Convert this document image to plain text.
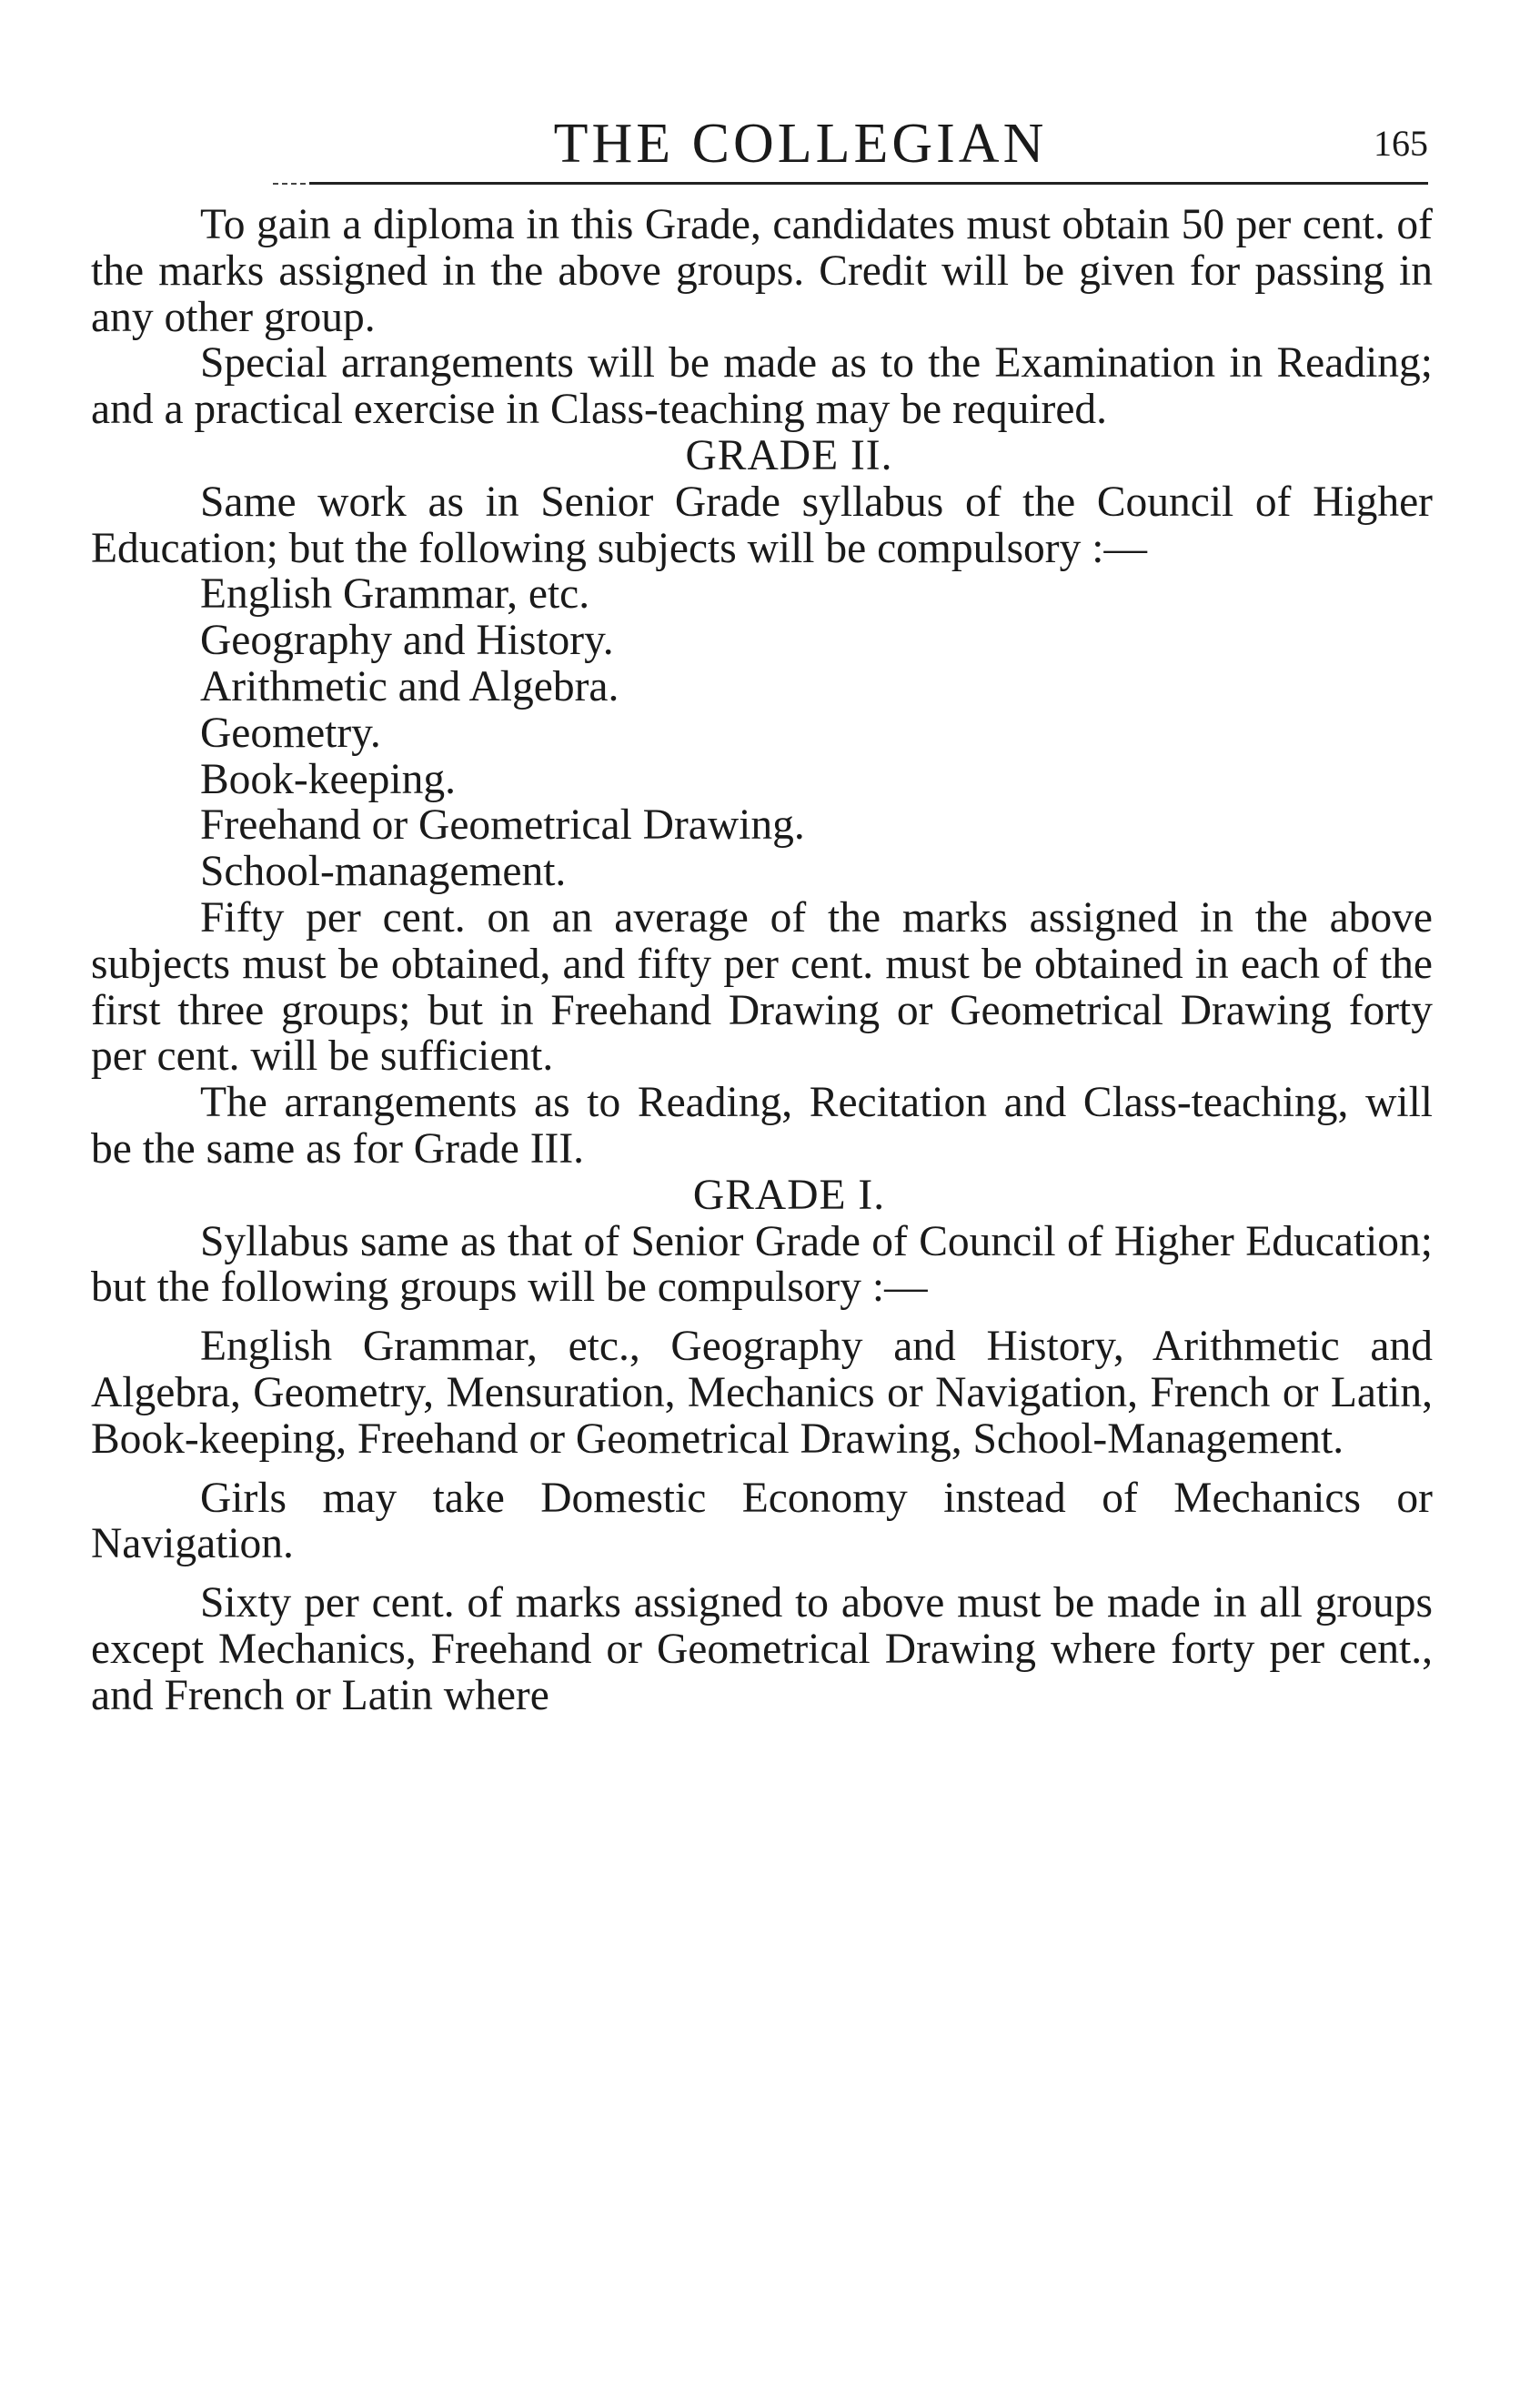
THE COLLEGIAN	165

To gain a diploma in this Grade, candidates must obtain 50 per cent. of the marks assigned in the above groups. Credit will be given for passing in any other group.

Special arrangements will be made as to the Examination in Reading; and a practical exercise in Class-teaching may be required.

GRADE II.

Same work as in Senior Grade syllabus of the Council of Higher Education; but the following subjects will be compulsory :—

English Grammar, etc.

Geography and History.

Arithmetic and Algebra.

Geometry.

Book-keeping.

Freehand or Geometrical Drawing.

School-management.

Fifty per cent. on an average of the marks assigned in the above subjects must be obtained, and fifty per cent. must be obtained in each of the first three groups; but in Freehand Drawing or Geometrical Drawing forty per cent. will be sufficient.

The arrangements as to Reading, Recitation and Class-teaching, will be the same as for Grade III.

GRADE I.

Syllabus same as that of Senior Grade of Council of Higher Education; but the following groups will be compulsory :—

English Grammar, etc., Geography and History, Arithmetic and Algebra, Geometry, Mensuration, Mechanics or Navigation, French or Latin, Book-keeping, Freehand or Geometrical Drawing, School-Management.

Girls may take Domestic Economy instead of Mechanics or Navigation.

Sixty per cent. of marks assigned to above must be made in all groups except Mechanics, Freehand or Geometrical Drawing where forty per cent., and French or Latin where
